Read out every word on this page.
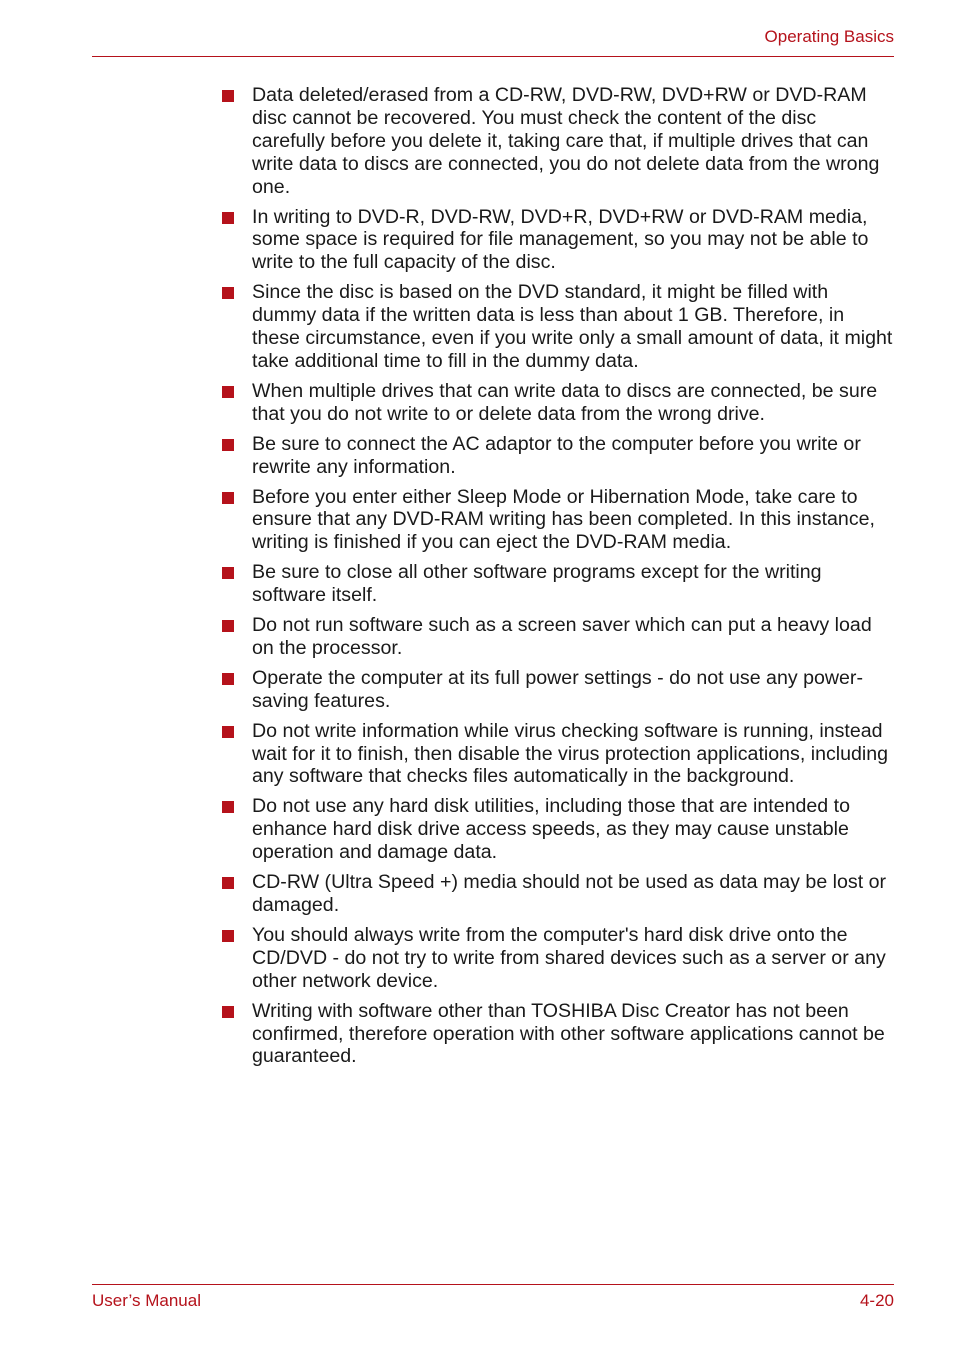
Operating Basics
Data deleted/erased from a CD-RW, DVD-RW, DVD+RW or DVD-RAM disc cannot be recovered. You must check the content of the disc carefully before you delete it, taking care that, if multiple drives that can write data to discs are connected, you do not delete data from the wrong one.
In writing to DVD-R, DVD-RW, DVD+R, DVD+RW or DVD-RAM media, some space is required for file management, so you may not be able to write to the full capacity of the disc.
Since the disc is based on the DVD standard, it might be filled with dummy data if the written data is less than about 1 GB. Therefore, in these circumstance, even if you write only a small amount of data, it might take additional time to fill in the dummy data.
When multiple drives that can write data to discs are connected, be sure that you do not write to or delete data from the wrong drive.
Be sure to connect the AC adaptor to the computer before you write or rewrite any information.
Before you enter either Sleep Mode or Hibernation Mode, take care to ensure that any DVD-RAM writing has been completed. In this instance, writing is finished if you can eject the DVD-RAM media.
Be sure to close all other software programs except for the writing software itself.
Do not run software such as a screen saver which can put a heavy load on the processor.
Operate the computer at its full power settings - do not use any power-saving features.
Do not write information while virus checking software is running, instead wait for it to finish, then disable the virus protection applications, including any software that checks files automatically in the background.
Do not use any hard disk utilities, including those that are intended to enhance hard disk drive access speeds, as they may cause unstable operation and damage data.
CD-RW (Ultra Speed +) media should not be used as data may be lost or damaged.
You should always write from the computer's hard disk drive onto the CD/DVD - do not try to write from shared devices such as a server or any other network device.
Writing with software other than TOSHIBA Disc Creator has not been confirmed, therefore operation with other software applications cannot be guaranteed.
User’s Manual	4-20
